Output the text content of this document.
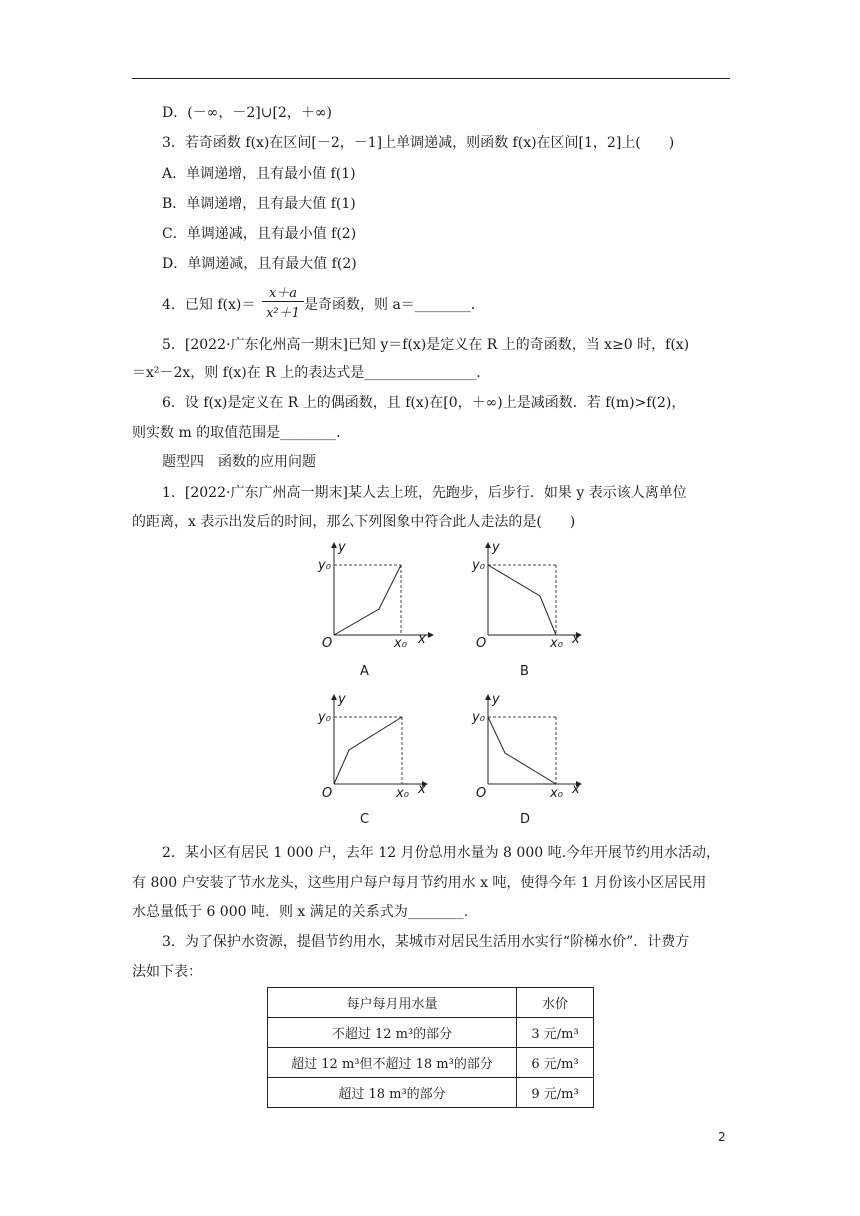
D．(－∞，－2]∪[2，＋∞)
3．若奇函数 f(x)在区间[－2，－1]上单调递减，则函数 f(x)在区间[1，2]上(　　)
A．单调递增，且有最小值 f(1)
B．单调递增，且有最大值 f(1)
C．单调递减，且有最小值 f(2)
D．单调递减，且有最大值 f(2)
4．已知 f(x)＝
x＋a
x²＋1
是奇函数，则 a＝________.
5．[2022·广东化州高一期末]已知 y＝f(x)是定义在 R 上的奇函数，当 x≥0 时，f(x)
＝x²－2x，则 f(x)在 R 上的表达式是________________.
6．设 f(x)是定义在 R 上的偶函数，且 f(x)在[0，＋∞)上是减函数．若 f(m)>f(2)，
则实数 m 的取值范围是________.
题型四　函数的应用问题
1．[2022·广东广州高一期末]某人去上班，先跑步，后步行．如果 y 表示该人离单位
的距离，x 表示出发后的时间，那么下列图象中符合此人走法的是(　　)
y
y₀
O	x₀ x
A
y
y₀
O	x₀ x
B
y
y₀
O	x₀ x
C
y
y₀
O	x₀ x
D
2．某小区有居民 1 000 户，去年 12 月份总用水量为 8 000 吨.今年开展节约用水活动，
有 800 户安装了节水龙头，这些用户每户每月节约用水 x 吨，使得今年 1 月份该小区居民用
水总量低于 6 000 吨．则 x 满足的关系式为________.
3．为了保护水资源，提倡节约用水，某城市对居民生活用水实行“阶梯水价”．计费方
法如下表：
每户每月用水量	水价
不超过 12 m³的部分	3 元/m³
超过 12 m³但不超过 18 m³的部分	6 元/m³
超过 18 m³的部分	9 元/m³
2
